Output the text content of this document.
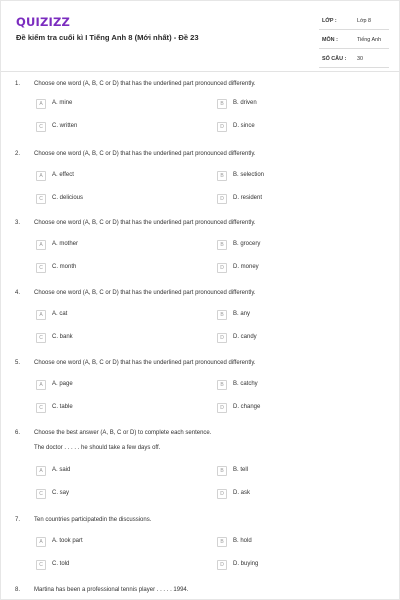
QUIZIZZ
Đề kiểm tra cuối kì I Tiếng Anh 8 (Mới nhất) - Đề 23
LỚP :	Lớp 8
MÔN :	Tiếng Anh
SỐ CÂU : 30
1. Choose one word (A, B, C or D) that has the underlined part pronounced differently.
A	A. mine	B	B. driven
C	C. written	D	D. since
2. Choose one word (A, B, C or D) that has the underlined part pronounced differently.
A	A. effect	B	B. selection
C	C. delicious	D	D. resident
3. Choose one word (A, B, C or D) that has the underlined part pronounced differently.
A	A. mother	B	B. grocery
C	C. month	D	D. money
4. Choose one word (A, B, C or D) that has the underlined part pronounced differently.
A	A. cat	B	B. any
C	C. bank	D	D. candy
5. Choose one word (A, B, C or D) that has the underlined part pronounced differently.
A	A. page	B	B. catchy
C	C. table	D	D. change
6. Choose the best answer (A, B, C or D) to complete each sentence.
The doctor . . . . . he should take a few days off.
A	A. said	B	B. tell
C	C. say	D	D. ask
7. Ten countries participatedin the discussions.
A	A. took part	B	B. hold
C	C. told	D	D. buying
8. Martina has been a professional tennis player . . . . . 1994.
